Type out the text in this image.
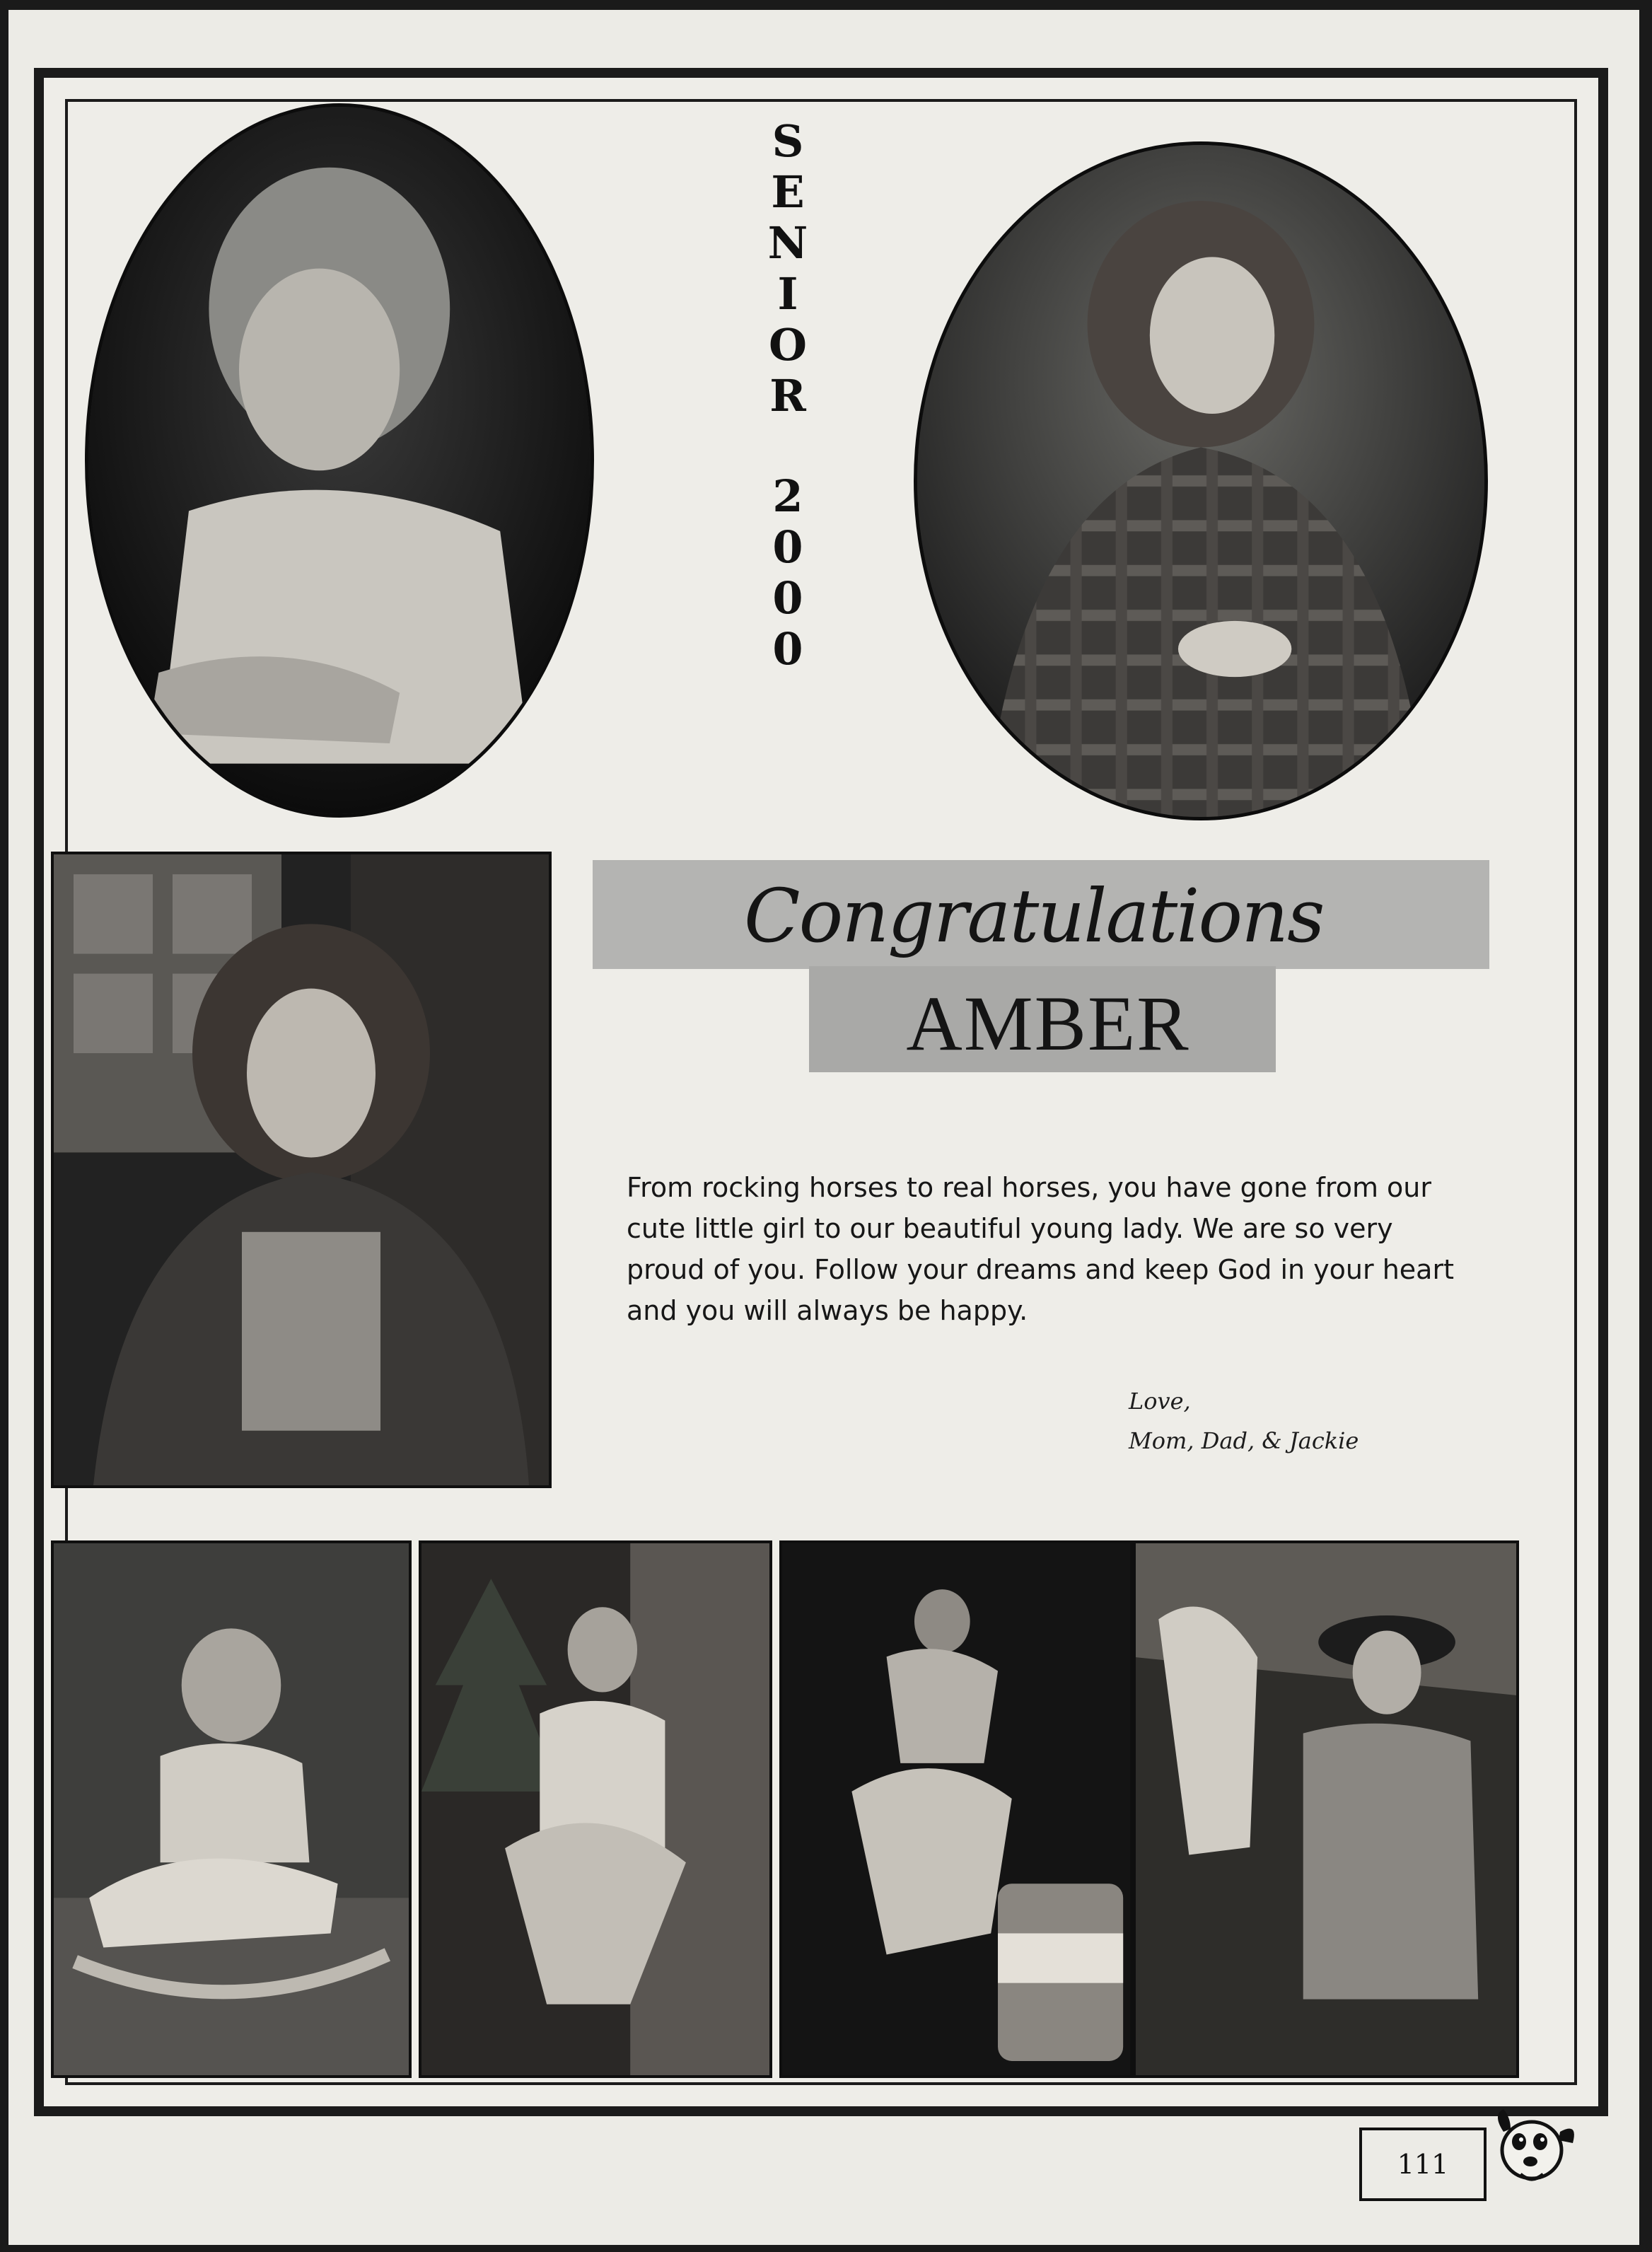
S
E
N
I
O
R
2
0
0
0
Congratulations
AMBER
From rocking horses to real horses, you have gone from our cute little girl to our beautiful young lady. We are so very proud of you. Follow your dreams and keep God in your heart and you will always be happy.
Love,
Mom, Dad, & Jackie
111
